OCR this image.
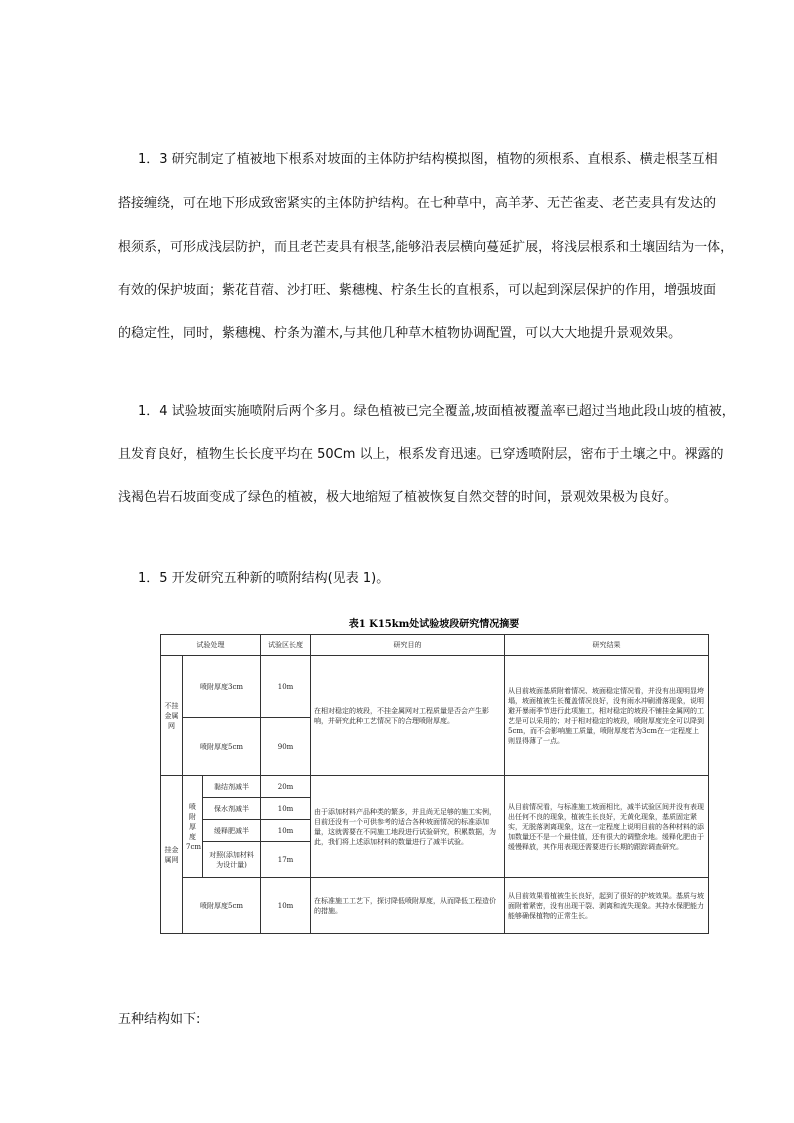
1．3 研究制定了植被地下根系对坡面的主体防护结构模拟图，植物的须根系、直根系、横走根茎互相
搭接缠绕，可在地下形成致密紧实的主体防护结构。在七种草中，高羊茅、无芒雀麦、老芒麦具有发达的
根须系，可形成浅层防护，而且老芒麦具有根茎,能够沿表层横向蔓延扩展，将浅层根系和土壤固结为一体，
有效的保护坡面；紫花苜蓿、沙打旺、紫穗槐、柠条生长的直根系，可以起到深层保护的作用，增强坡面
的稳定性，同时，紫穗槐、柠条为灌木,与其他几种草木植物协调配置，可以大大地提升景观效果。
1．4 试验坡面实施喷附后两个多月。绿色植被已完全覆盖,坡面植被覆盖率已超过当地此段山坡的植被，
且发育良好，植物生长长度平均在 50Cm 以上，根系发育迅速。已穿透喷附层，密布于土壤之中。裸露的
浅褐色岩石坡面变成了绿色的植被，极大地缩短了植被恢复自然交替的时间，景观效果极为良好。
1．5 开发研究五种新的喷附结构(见表 1)。
表1 K15km处试验坡段研究情况摘要
试验处理			试验区长度	研究目的	研究结果
不挂金属网	喷附厚度3cm		10m	在相对稳定的坡段，不挂金属网对工程质量是否会产生影响，并研究此种工艺情况下的合理喷附厚度。	从目前坡面基质附着情况、坡面稳定情况看，并没有出现明显垮塌，坡面植被生长覆盖情况良好，没有雨水冲刷滑落现象，说明避开暴雨季节进行此项施工，相对稳定的坡段不铺挂金属网的工艺是可以采用的；对于相对稳定的坡段，喷附厚度完全可以降到5cm，而不会影响施工质量，喷附厚度若为3cm在一定程度上则显得薄了一点。
	喷附厚度5cm		90m		
挂金属网	喷附厚度7cm	黏结剂减半	20m	由于添加材料产品种类的繁多，并且尚无足够的施工实例，目前还没有一个可供参考的适合各种坡面情况的标准添加量，这就需要在不同施工地段进行试验研究，积累数据，为此，我们将上述添加材料的数量进行了减半试验。	从目前情况看，与标准施工坡面相比，减半试验区间并没有表现出任何不良的现象，植被生长良好，无黄化现象，基质固定紧实，无脱落剥离现象，这在一定程度上说明目前的各种材料的添加数量还不是一个最佳值，还有很大的调整余地。缓释化肥由于缓慢释放，其作用表现还需要进行长期的跟踪调查研究。
		保水剂减半	10m		
		缓释肥减半	10m		
		对照(添加材料为设计量)	17m		
	喷附厚度5cm		10m	在标准施工工艺下，探讨降低喷附厚度，从而降低工程造价的措施。	从目前效果看植被生长良好，起到了很好的护坡效果。基质与坡面附着紧密，没有出现干裂、剥离和流失现象。其持水保肥能力能够确保植物的正常生长。
五种结构如下:
